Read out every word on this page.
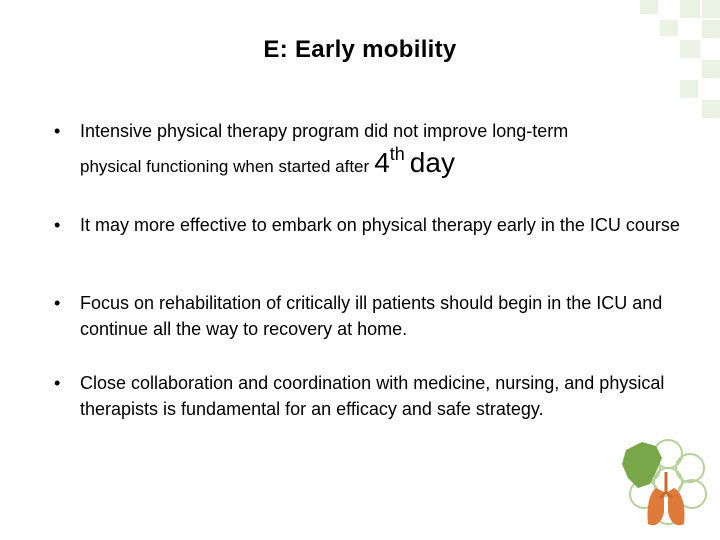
E: Early mobility
• Intensive physical therapy program did not improve long-term
physical functioning when started after 4th day
• It may more effective to embark on physical therapy early in the ICU course
• Focus on rehabilitation of critically ill patients should begin in the ICU and continue all the way to recovery at home.
• Close collaboration and coordination with medicine, nursing, and physical therapists is fundamental for an efficacy and safe strategy.
